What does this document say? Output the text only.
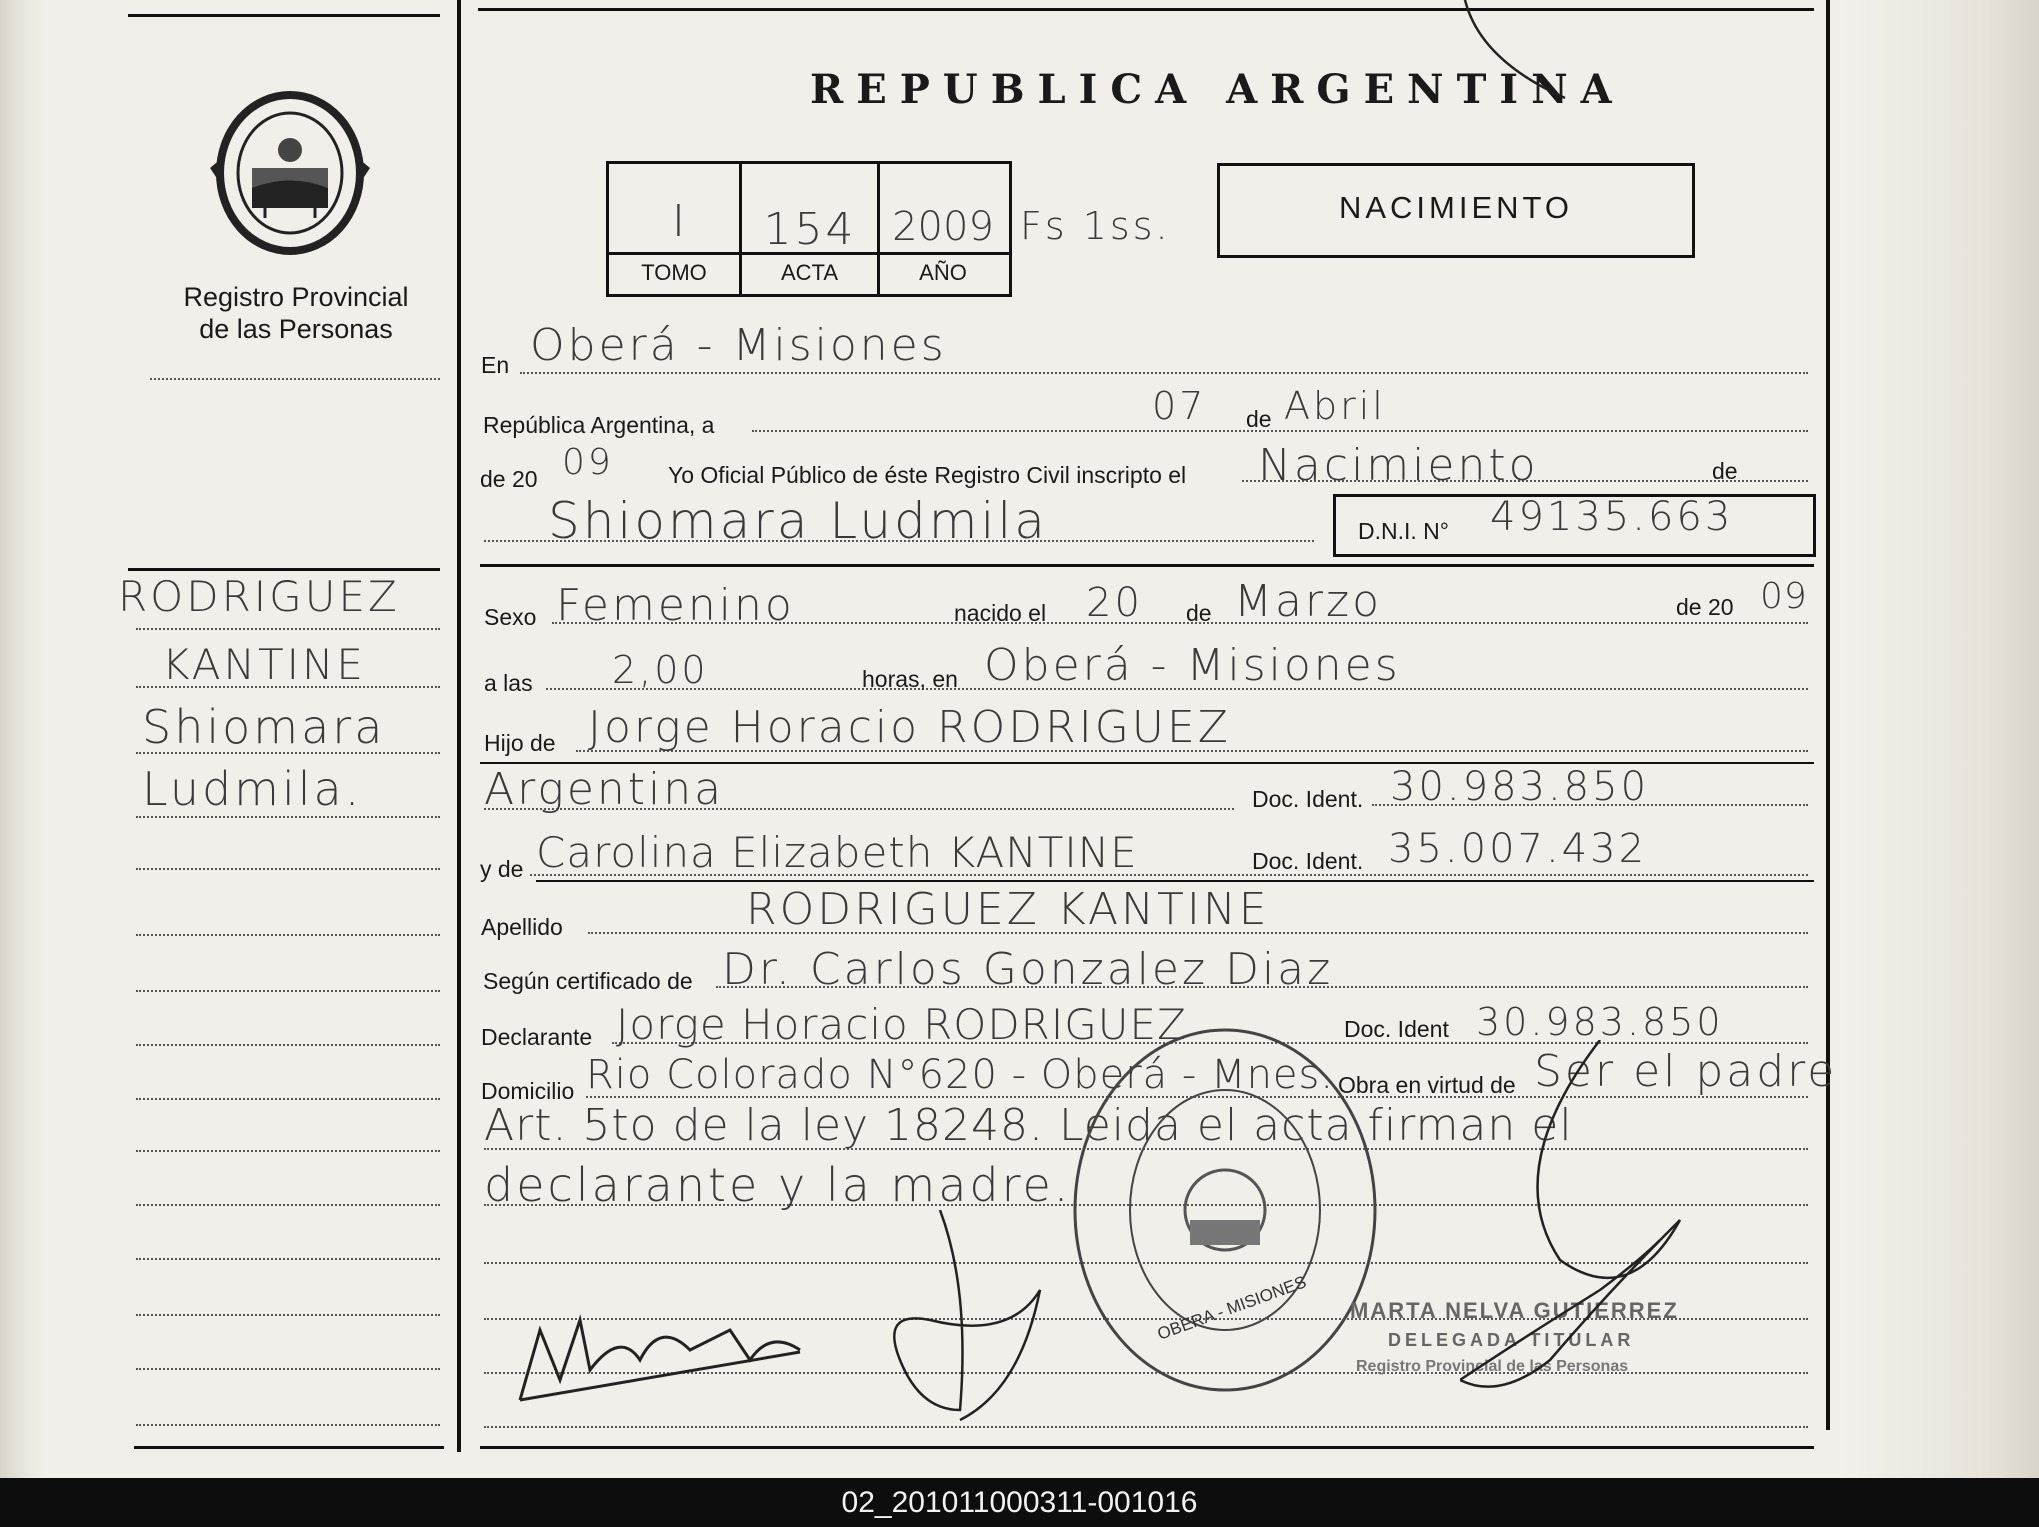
Registro Provincial
de las Personas
RODRIGUEZ
KANTINE
Shiomara
Ludmila.
REPUBLICA ARGENTINA
I	154 2009
TOMO	ACTA	AÑO
Fs 1ss.	NACIMIENTO
En Oberá - Misiones
República Argentina, a	07 de Abril
de 20 09 Yo Oficial Público de éste Registro Civil inscripto el Nacimiento	de
Shiomara Ludmila	D.N.I. N° 49135.663
Sexo Femenino	nacido el 20 de Marzo	de 20 09
a las 2,00	horas, en Oberá - Misiones
Hijo de Jorge Horacio RODRIGUEZ
Argentina	Doc. Ident. 30.983.850
y de Carolina Elizabeth KANTINE	Doc. Ident. 35.007.432
Apellido	RODRIGUEZ KANTINE
Según certificado de Dr. Carlos Gonzalez Diaz
Declarante Jorge Horacio RODRIGUEZ	Doc. Ident 30.983.850
Domicilio Rio Colorado N°620 - Oberá - Mnes. Obra en virtud de Ser el padre
Art. 5to de la ley 18248. Leida el acta firman el
declarante y la madre.
OBERA - MISIONES MARTA NELVA GUTIERREZ
DELEGADA TITULAR
Registro Provincial de las Personas
02_201011000311-001016
